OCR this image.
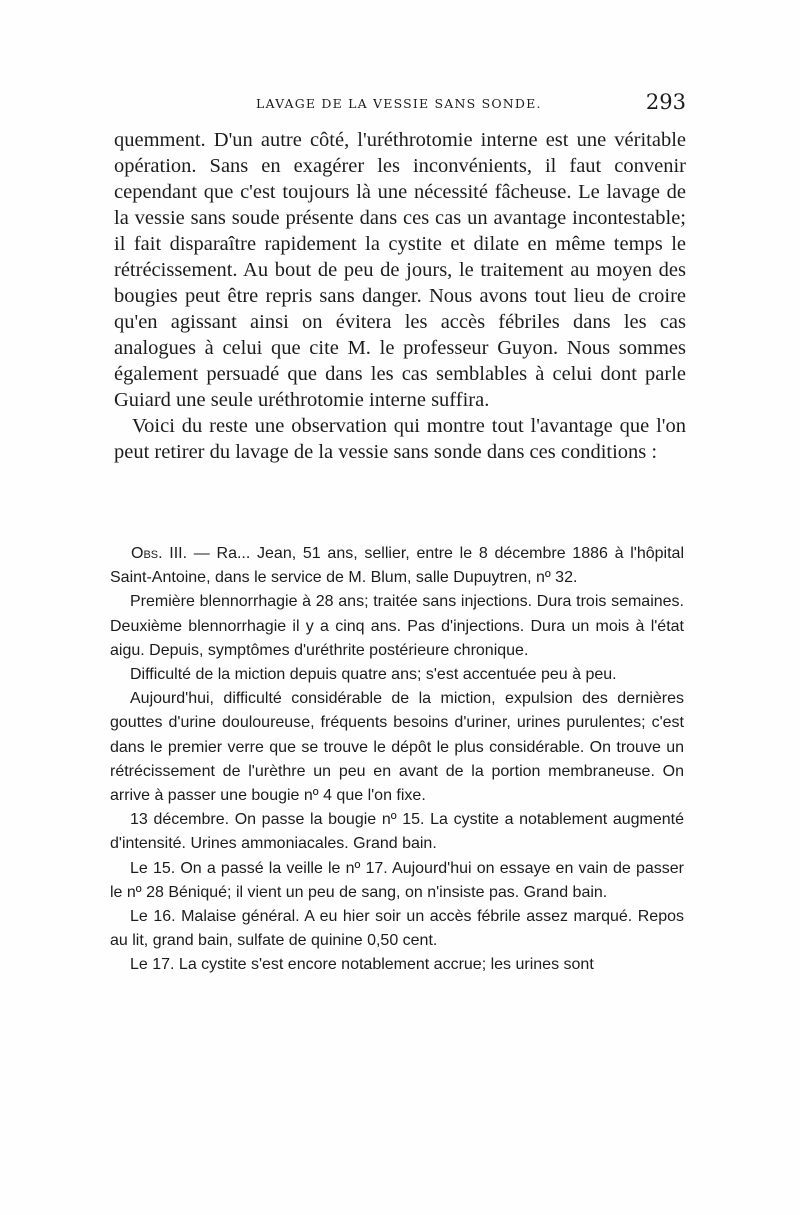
LAVAGE DE LA VESSIE SANS SONDE.	293

quemment. D'un autre côté, l'uréthrotomie interne est une véritable opération. Sans en exagérer les inconvénients, il faut convenir cependant que c'est toujours là une nécessité fâcheuse. Le lavage de la vessie sans soude présente dans ces cas un avantage incontestable; il fait disparaître rapidement la cystite et dilate en même temps le rétrécissement. Au bout de peu de jours, le traitement au moyen des bougies peut être repris sans danger. Nous avons tout lieu de croire qu'en agissant ainsi on évitera les accès fébriles dans les cas analogues à celui que cite M. le professeur Guyon. Nous sommes également persuadé que dans les cas semblables à celui dont parle Guiard une seule uréthrotomie interne suffira.

Voici du reste une observation qui montre tout l'avantage que l'on peut retirer du lavage de la vessie sans sonde dans ces conditions :

Obs. III. — Ra... Jean, 51 ans, sellier, entre le 8 décembre 1886 à l'hôpital Saint-Antoine, dans le service de M. Blum, salle Dupuytren, nº 32.

Première blennorrhagie à 28 ans; traitée sans injections. Dura trois semaines. Deuxième blennorrhagie il y a cinq ans. Pas d'injections. Dura un mois à l'état aigu. Depuis, symptômes d'uréthrite postérieure chronique.

Difficulté de la miction depuis quatre ans; s'est accentuée peu à peu.

Aujourd'hui, difficulté considérable de la miction, expulsion des dernières gouttes d'urine douloureuse, fréquents besoins d'uriner, urines purulentes; c'est dans le premier verre que se trouve le dépôt le plus considérable. On trouve un rétrécissement de l'urèthre un peu en avant de la portion membraneuse. On arrive à passer une bougie nº 4 que l'on fixe.

13 décembre. On passe la bougie nº 15. La cystite a notablement augmenté d'intensité. Urines ammoniacales. Grand bain.

Le 15. On a passé la veille le nº 17. Aujourd'hui on essaye en vain de passer le nº 28 Béniqué; il vient un peu de sang, on n'insiste pas. Grand bain.

Le 16. Malaise général. A eu hier soir un accès fébrile assez marqué. Repos au lit, grand bain, sulfate de quinine 0,50 cent.

Le 17. La cystite s'est encore notablement accrue; les urines sont
